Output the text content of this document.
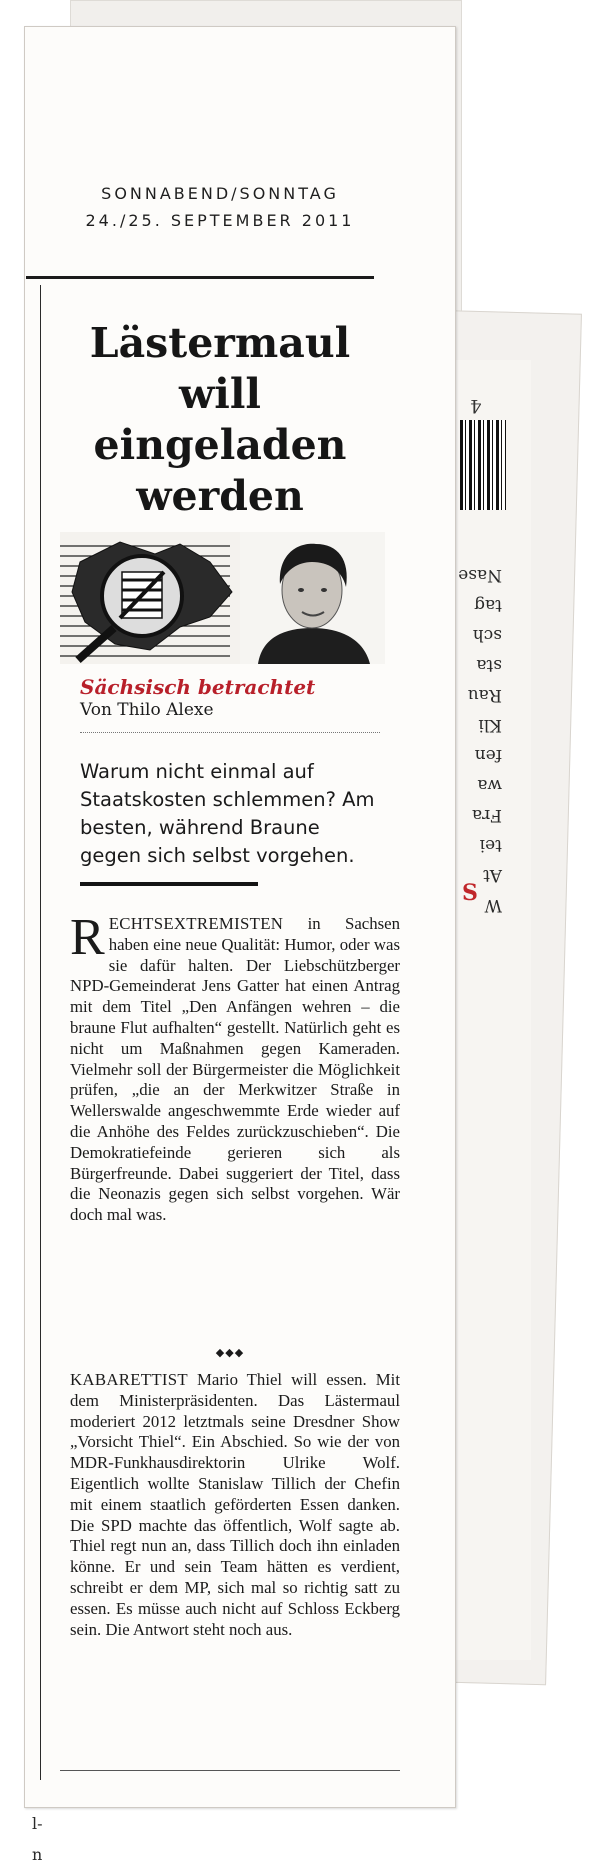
4
W
At
tei
Fra
wa
fen
Kli
Rau
sta
sch
tag
Nase
S

l-
n
SONNABEND/SONNTAG
24./25. SEPTEMBER 2011
Lästermaul
will eingeladen
werden
Sächsisch betrachtet
Von Thilo Alexe
Warum nicht einmal auf Staatskosten schlemmen? Am besten, während Braune gegen sich selbst vorgehen.
RECHTSEXTREMISTEN in Sachsen haben eine neue Qualität: Humor, oder was sie dafür halten. Der Liebschützberger NPD-Gemeinderat Jens Gatter hat einen Antrag mit dem Titel „Den Anfängen wehren – die braune Flut aufhalten“ gestellt. Natürlich geht es nicht um Maßnahmen gegen Kameraden. Vielmehr soll der Bürgermeister die Möglichkeit prüfen, „die an der Merkwitzer Straße in Wellerswalde angeschwemmte Erde wieder auf die Anhöhe des Feldes zurückzuschieben“. Die Demokratiefeinde gerieren sich als Bürgerfreunde. Dabei suggeriert der Titel, dass die Neonazis gegen sich selbst vorgehen. Wär doch mal was.
◆◆◆
KABARETTIST Mario Thiel will essen. Mit dem Ministerpräsidenten. Das Lästermaul moderiert 2012 letztmals seine Dresdner Show „Vorsicht Thiel“. Ein Abschied. So wie der von MDR-Funkhausdirektorin Ulrike Wolf. Eigentlich wollte Stanislaw Tillich der Chefin mit einem staatlich geförderten Essen danken. Die SPD machte das öffentlich, Wolf sagte ab. Thiel regt nun an, dass Tillich doch ihn einladen könne. Er und sein Team hätten es verdient, schreibt er dem MP, sich mal so richtig satt zu essen. Es müsse auch nicht auf Schloss Eckberg sein. Die Antwort steht noch aus.
